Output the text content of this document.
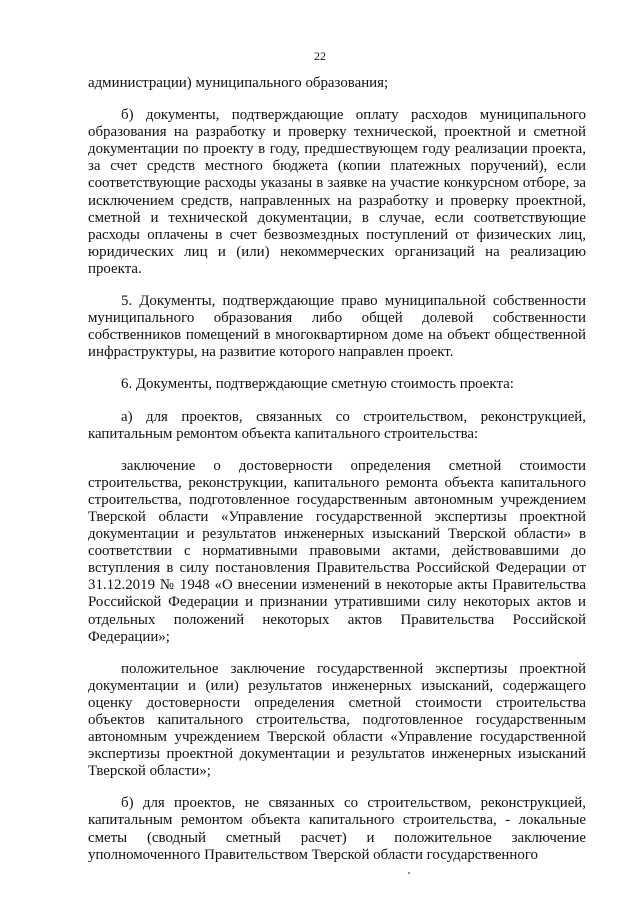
22

администрации) муниципального образования;

б) документы, подтверждающие оплату расходов муниципального образования на разработку и проверку технической, проектной и сметной документации по проекту в году, предшествующем году реализации проекта, за счет средств местного бюджета (копии платежных поручений), если соответствующие расходы указаны в заявке на участие конкурсном отборе, за исключением средств, направленных на разработку и проверку проектной, сметной и технической документации, в случае, если соответствующие расходы оплачены в счет безвозмездных поступлений от физических лиц, юридических лиц и (или) некоммерческих организаций на реализацию проекта.

5. Документы, подтверждающие право муниципальной собственности муниципального образования либо общей долевой собственности собственников помещений в многоквартирном доме на объект общественной инфраструктуры, на развитие которого направлен проект.

6. Документы, подтверждающие сметную стоимость проекта:

а) для проектов, связанных со строительством, реконструкцией, капитальным ремонтом объекта капитального строительства:

заключение о достоверности определения сметной стоимости строительства, реконструкции, капитального ремонта объекта капитального строительства, подготовленное государственным автономным учреждением Тверской области «Управление государственной экспертизы проектной документации и результатов инженерных изысканий Тверской области» в соответствии с нормативными правовыми актами, действовавшими до вступления в силу постановления Правительства Российской Федерации от 31.12.2019 № 1948 «О внесении изменений в некоторые акты Правительства Российской Федерации и признании утратившими силу некоторых актов и отдельных положений некоторых актов Правительства Российской Федерации»;

положительное заключение государственной экспертизы проектной документации и (или) результатов инженерных изысканий, содержащего оценку достоверности определения сметной стоимости строительства объектов капитального строительства, подготовленное государственным автономным учреждением Тверской области «Управление государственной экспертизы проектной документации и результатов инженерных изысканий Тверской области»;

б) для проектов, не связанных со строительством, реконструкцией, капитальным ремонтом объекта капитального строительства, - локальные сметы (сводный сметный расчет) и положительное заключение уполномоченного Правительством Тверской области государственного
